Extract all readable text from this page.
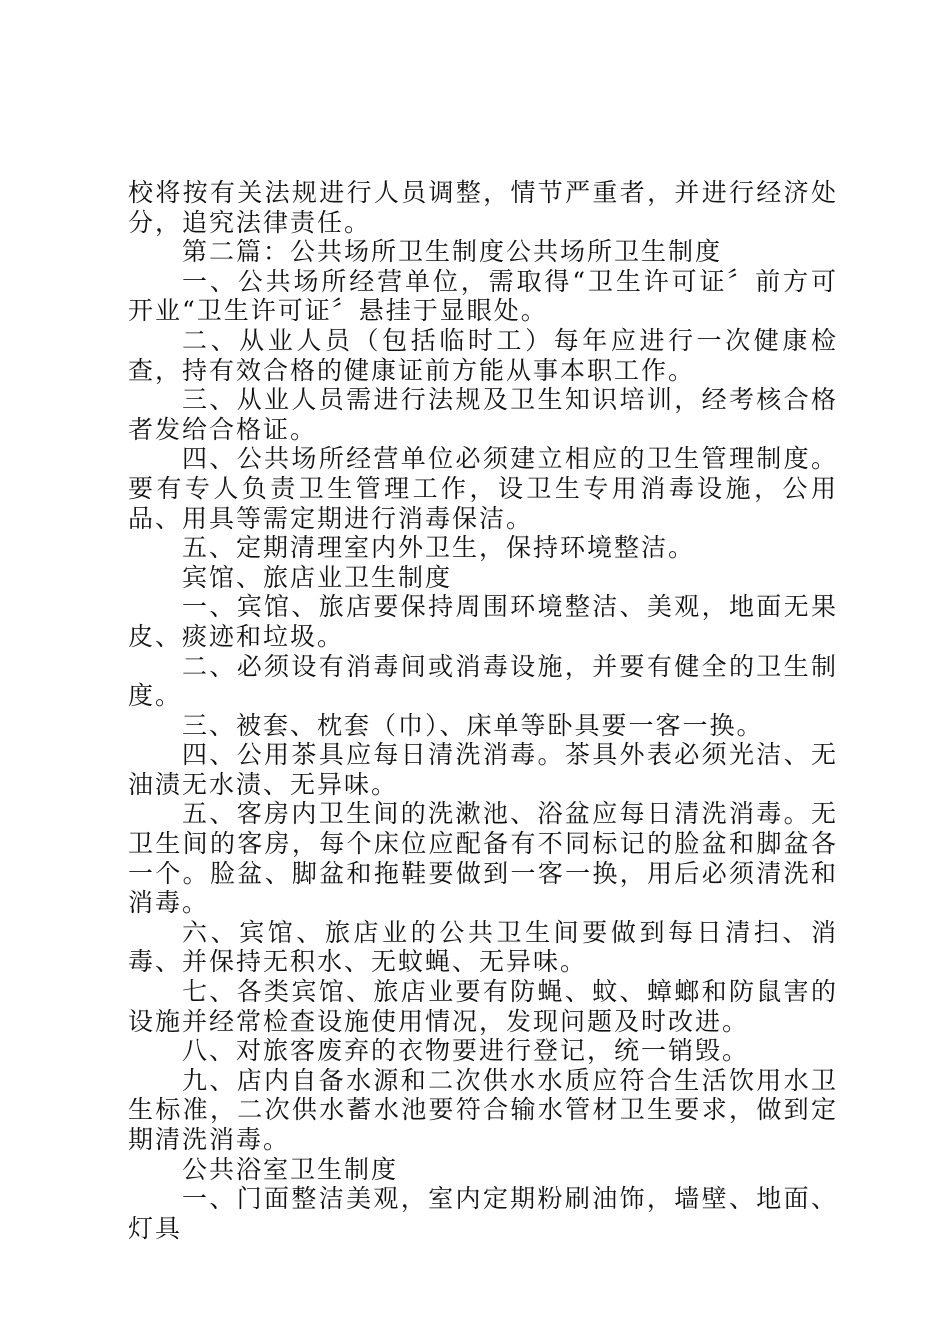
校将按有关法规进行人员调整，情节严重者，并进行经济处分，追究法律责任。

第二篇：公共场所卫生制度公共场所卫生制度

一、公共场所经营单位，需取得“卫生许可证〞前方可开业“卫生许可证〞悬挂于显眼处。

二、从业人员（包括临时工）每年应进行一次健康检查，持有效合格的健康证前方能从事本职工作。

三、从业人员需进行法规及卫生知识培训，经考核合格者发给合格证。

四、公共场所经营单位必须建立相应的卫生管理制度。要有专人负责卫生管理工作，设卫生专用消毒设施，公用品、用具等需定期进行消毒保洁。

五、定期清理室内外卫生，保持环境整洁。

宾馆、旅店业卫生制度

一、宾馆、旅店要保持周围环境整洁、美观，地面无果皮、痰迹和垃圾。

二、必须设有消毒间或消毒设施，并要有健全的卫生制度。

三、被套、枕套（巾）、床单等卧具要一客一换。

四、公用茶具应每日清洗消毒。茶具外表必须光洁、无油渍无水渍、无异味。

五、客房内卫生间的洗漱池、浴盆应每日清洗消毒。无卫生间的客房，每个床位应配备有不同标记的脸盆和脚盆各一个。脸盆、脚盆和拖鞋要做到一客一换，用后必须清洗和消毒。

六、宾馆、旅店业的公共卫生间要做到每日清扫、消毒、并保持无积水、无蚊蝇、无异味。

七、各类宾馆、旅店业要有防蝇、蚊、蟑螂和防鼠害的设施并经常检查设施使用情况，发现问题及时改进。

八、对旅客废弃的衣物要进行登记，统一销毁。

九、店内自备水源和二次供水水质应符合生活饮用水卫生标准，二次供水蓄水池要符合输水管材卫生要求，做到定期清洗消毒。

公共浴室卫生制度

一、门面整洁美观，室内定期粉刷油饰，墙壁、地面、灯具
